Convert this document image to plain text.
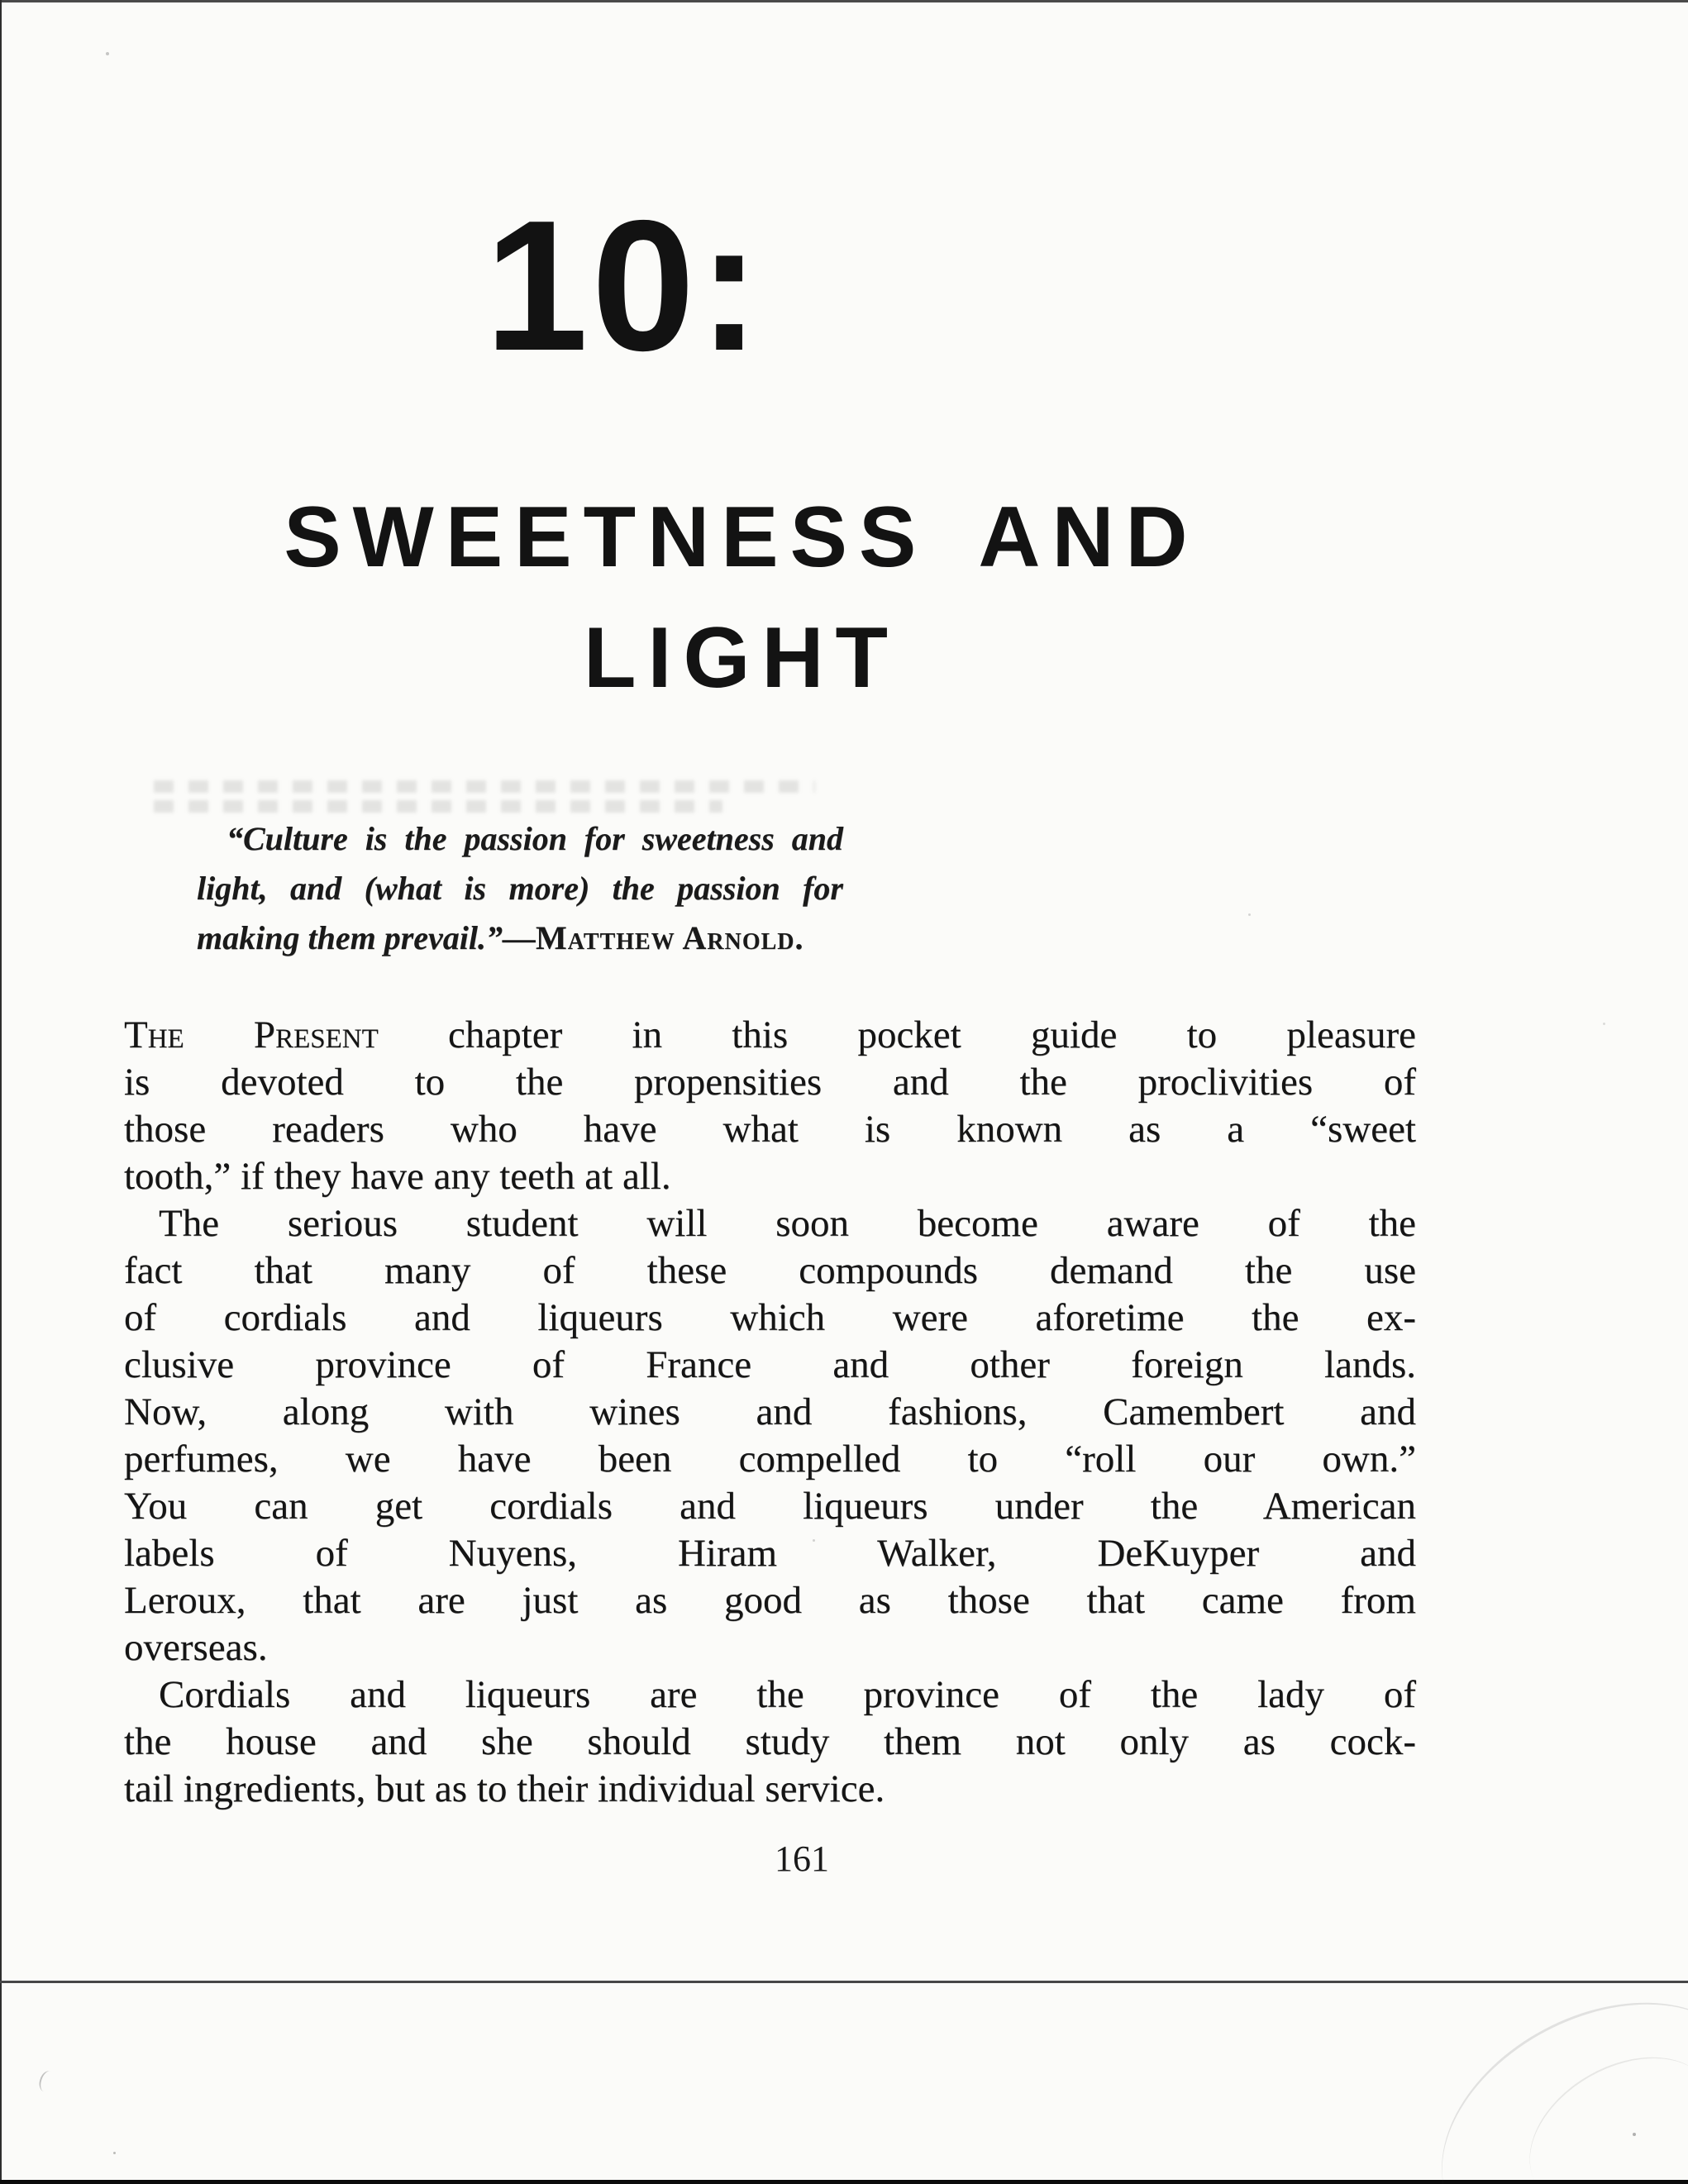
10:
SWEETNESS AND
LIGHT
“Culture is the passion for sweetness and
light, and (what is more) the passion for
making them prevail.”—Matthew Arnold.
The Present chapter in this pocket guide to pleasure
is devoted to the propensities and the proclivities of
those readers who have what is known as a “sweet
tooth,” if they have any teeth at all.
The serious student will soon become aware of the
fact that many of these compounds demand the use
of cordials and liqueurs which were aforetime the ex-
clusive province of France and other foreign lands.
Now, along with wines and fashions, Camembert and
perfumes, we have been compelled to “roll our own.”
You can get cordials and liqueurs under the American
labels of Nuyens, Hiram Walker, DeKuyper and
Leroux, that are just as good as those that came from
overseas.
Cordials and liqueurs are the province of the lady of
the house and she should study them not only as cock-
tail ingredients, but as to their individual service.
161
